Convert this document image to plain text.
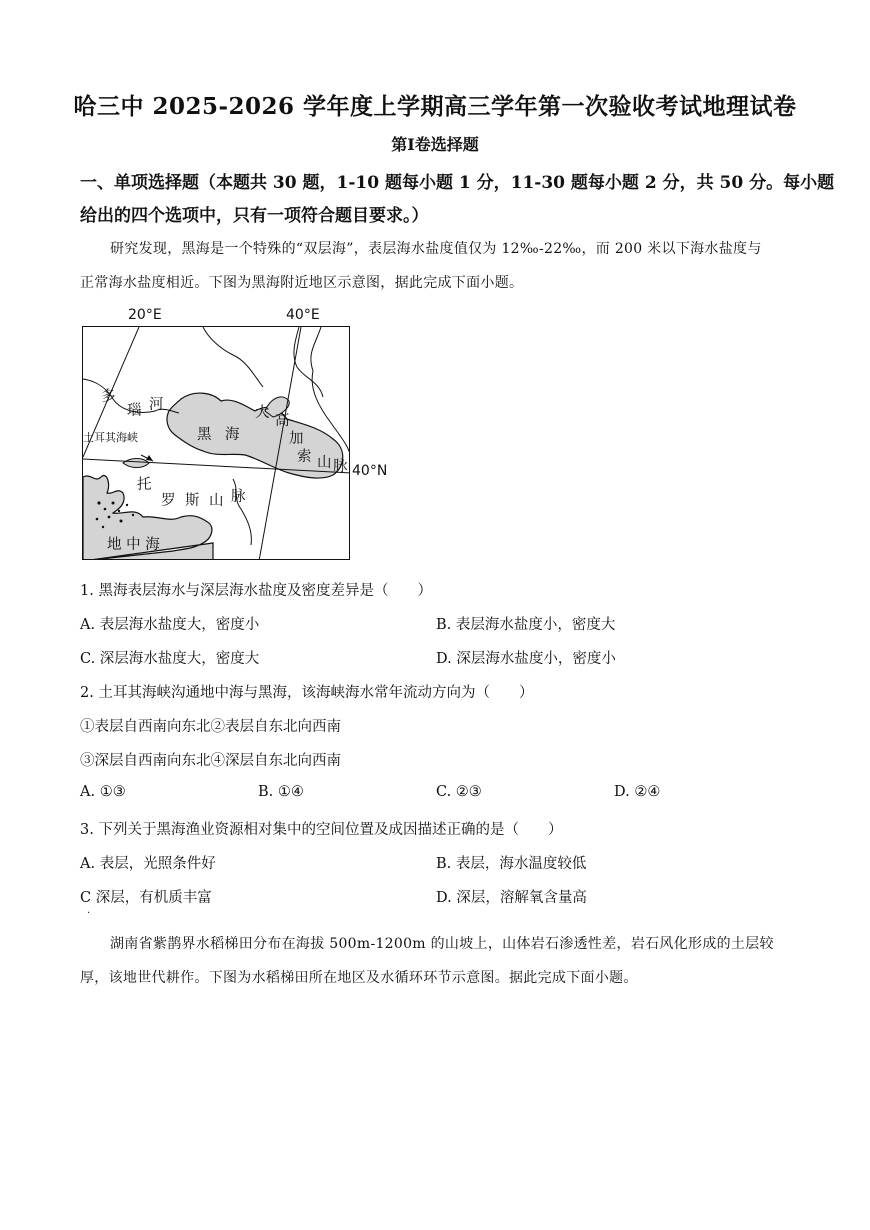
哈三中 2025-2026 学年度上学期高三学年第一次验收考试地理试卷
第Ⅰ卷选择题
一、单项选择题（本题共 30 题，1-10 题每小题 1 分，11-30 题每小题 2 分，共 50 分。每小题
给出的四个选项中，只有一项符合题目要求。）
研究发现，黑海是一个特殊的“双层海”，表层海水盐度值仅为 12‰-22‰，而 200 米以下海水盐度与
正常海水盐度相近。下图为黑海附近地区示意图，据此完成下面小题。
20°E	40°E
40°N
多
瑙 河
土耳其海峡	黑 海
大 高
加
索 山 脉
托
罗 斯 山 脉
地 中 海
1. 黑海表层海水与深层海水盐度及密度差异是（　　）
A. 表层海水盐度大，密度小	B. 表层海水盐度小，密度大
C. 深层海水盐度大，密度大	D. 深层海水盐度小，密度小
2. 土耳其海峡沟通地中海与黑海，该海峡海水常年流动方向为（　　）
①表层自西南向东北②表层自东北向西南
③深层自西南向东北④深层自东北向西南
A. ①③	B. ①④	C. ②③	D. ②④
3. 下列关于黑海渔业资源相对集中的空间位置及成因描述正确的是（　　）
A. 表层，光照条件好	B. 表层，海水温度较低
C 深层，有机质丰富	D. 深层，溶解氧含量高
.
湖南省紫鹊界水稻梯田分布在海拔 500m-1200m 的山坡上，山体岩石渗透性差，岩石风化形成的土层较
厚，该地世代耕作。下图为水稻梯田所在地区及水循环环节示意图。据此完成下面小题。
